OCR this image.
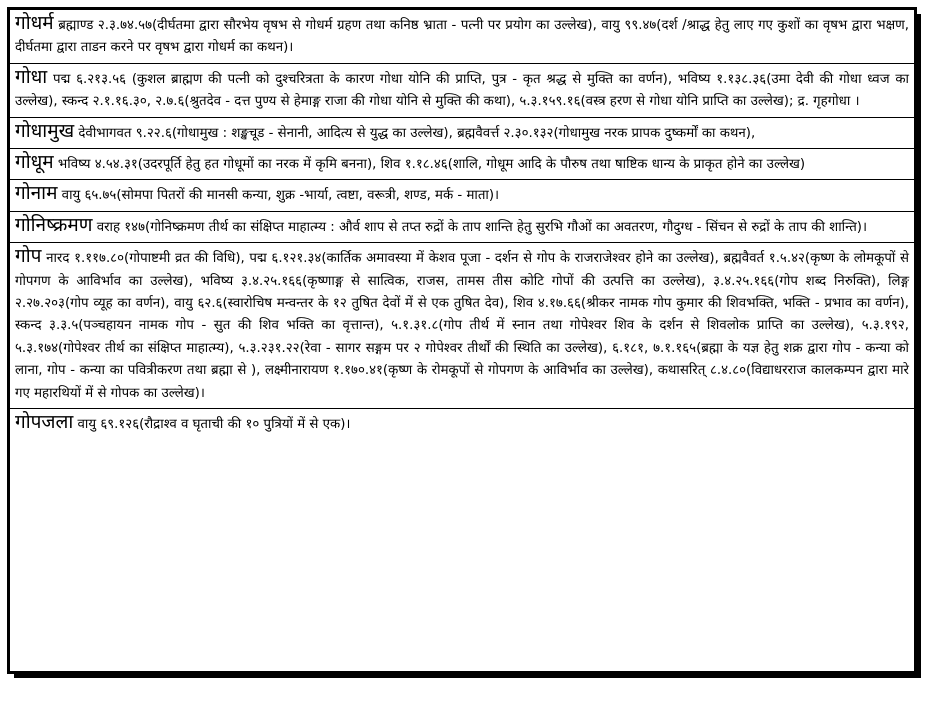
गोधर्म ब्रह्माण्ड २.३.७४.५७(दीर्घतमा द्वारा सौरभेय वृषभ से गोधर्म ग्रहण तथा कनिष्ठ भ्राता - पत्नी पर प्रयोग का उल्लेख), वायु ९९.४७(दर्श /श्राद्ध हेतु लाए गए कुशों का वृषभ द्वारा भक्षण, दीर्घतमा द्वारा ताडन करने पर वृषभ द्वारा गोधर्म का कथन)।
गोधा पद्म ६.२१३.५६ (कुशल ब्राह्मण की पत्नी को दुश्चरित्रता के कारण गोधा योनि की प्राप्ति, पुत्र - कृत श्रद्ध से मुक्ति का वर्णन), भविष्य १.१३८.३६(उमा देवी की गोधा ध्वज का उल्लेख), स्कन्द २.१.१६.३०, २.७.६(श्रुतदेव - दत्त पुण्य से हेमाङ्ग राजा की गोधा योनि से मुक्ति की कथा), ५.३.१५९.१६(वस्त्र हरण से गोधा योनि प्राप्ति का उल्लेख); द्र. गृहगोधा ।
गोधामुख देवीभागवत ९.२२.६(गोधामुख : शङ्खचूड - सेनानी, आदित्य से युद्ध का उल्लेख), ब्रह्मवैवर्त्त २.३०.१३२(गोधामुख नरक प्रापक दुष्कर्मों का कथन),
गोधूम भविष्य ४.५४.३१(उदरपूर्ति हेतु हत गोधूमों का नरक में कृमि बनना), शिव १.१८.४६(शालि, गोधूम आदि के पौरुष तथा षाष्टिक धान्य के प्राकृत होने का उल्लेख)
गोनाम वायु ६५.७५(सोमपा पितरों की मानसी कन्या, शुक्र -भार्या, त्वष्टा, वरूत्री, शण्ड, मर्क - माता)।
गोनिष्क्रमण वराह १४७(गोनिष्क्रमण तीर्थ का संक्षिप्त माहात्म्य : और्व शाप से तप्त रुद्रों के ताप शान्ति हेतु सुरभि गौओं का अवतरण, गौदुग्ध - सिंचन से रुद्रों के ताप की शान्ति)।
गोप नारद १.११७.८०(गोपाष्टमी व्रत की विधि), पद्म ६.१२१.३४(कार्तिक अमावस्या में केशव पूजा - दर्शन से गोप के राजराजेश्वर होने का उल्लेख), ब्रह्मवैवर्त १.५.४२(कृष्ण के लोमकूपों से गोपगण के आविर्भाव का उल्लेख), भविष्य ३.४.२५.१६६(कृष्णाङ्ग से सात्विक, राजस, तामस तीस कोटि गोपों की उत्पत्ति का उल्लेख), ३.४.२५.१६६(गोप शब्द निरुक्ति), लिङ्ग २.२७.२०३(गोप व्यूह का वर्णन), वायु ६२.६(स्वारोचिष मन्वन्तर के १२ तुषित देवों में से एक तुषित देव), शिव ४.१७.६६(श्रीकर नामक गोप कुमार की शिवभक्ति, भक्ति - प्रभाव का वर्णन), स्कन्द ३.३.५(पञ्चहायन नामक गोप - सुत की शिव भक्ति का वृत्तान्त), ५.१.३१.८(गोप तीर्थ में स्नान तथा गोपेश्वर शिव के दर्शन से शिवलोक प्राप्ति का उल्लेख), ५.३.१९२, ५.३.१७४(गोपेश्वर तीर्थ का संक्षिप्त माहात्म्य), ५.३.२३१.२२(रेवा - सागर सङ्गम पर २ गोपेश्वर तीर्थों की स्थिति का उल्लेख), ६.१८१, ७.१.१६५(ब्रह्मा के यज्ञ हेतु शक्र द्वारा गोप - कन्या को लाना, गोप - कन्या का पवित्रीकरण तथा ब्रह्मा से ), लक्ष्मीनारायण १.१७०.४१(कृष्ण के रोमकूपों से गोपगण के आविर्भाव का उल्लेख), कथासरित् ८.४.८०(विद्याधरराज कालकम्पन द्वारा मारे गए महारथियों में से गोपक का उल्लेख)।
गोपजला वायु ६९.१२६(रौद्राश्व व घृताची की १० पुत्रियों में से एक)।
